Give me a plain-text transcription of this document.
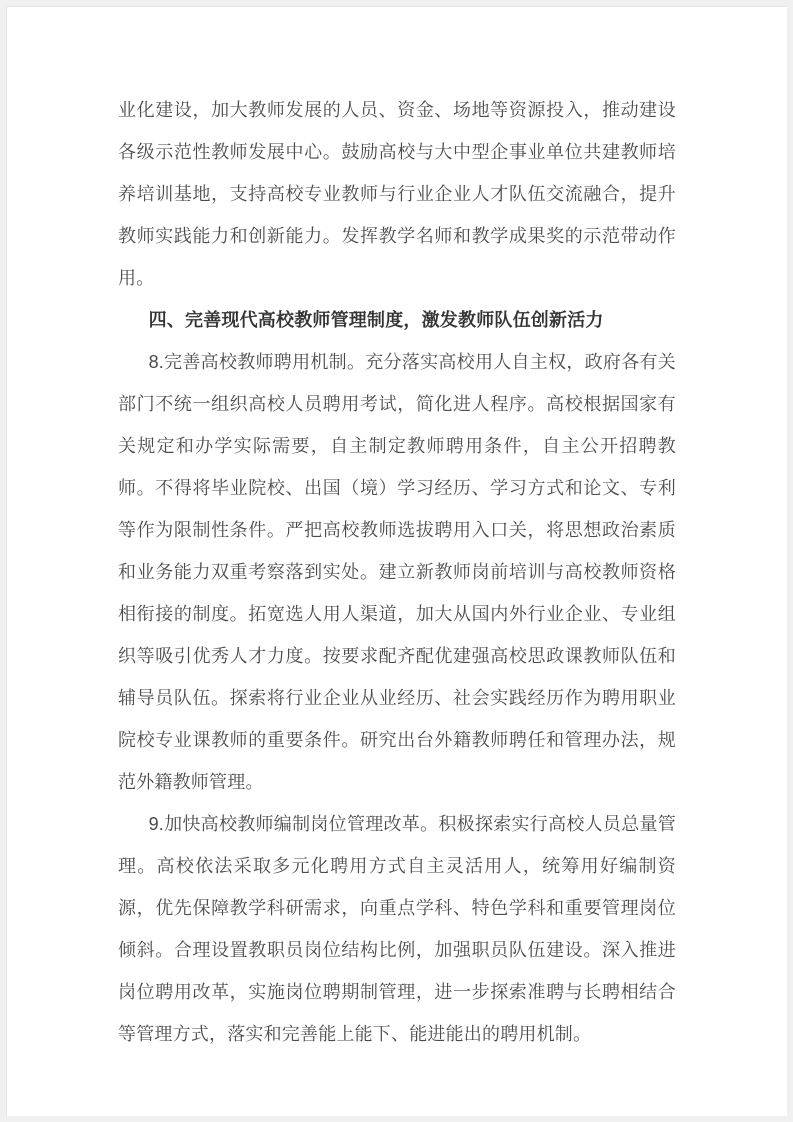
业化建设，加大教师发展的人员、资金、场地等资源投入，推动建设各级示范性教师发展中心。鼓励高校与大中型企事业单位共建教师培养培训基地，支持高校专业教师与行业企业人才队伍交流融合，提升教师实践能力和创新能力。发挥教学名师和教学成果奖的示范带动作用。

四、完善现代高校教师管理制度，激发教师队伍创新活力

8.完善高校教师聘用机制。充分落实高校用人自主权，政府各有关部门不统一组织高校人员聘用考试，简化进人程序。高校根据国家有关规定和办学实际需要，自主制定教师聘用条件，自主公开招聘教师。不得将毕业院校、出国（境）学习经历、学习方式和论文、专利等作为限制性条件。严把高校教师选拔聘用入口关，将思想政治素质和业务能力双重考察落到实处。建立新教师岗前培训与高校教师资格相衔接的制度。拓宽选人用人渠道，加大从国内外行业企业、专业组织等吸引优秀人才力度。按要求配齐配优建强高校思政课教师队伍和辅导员队伍。探索将行业企业从业经历、社会实践经历作为聘用职业院校专业课教师的重要条件。研究出台外籍教师聘任和管理办法，规范外籍教师管理。

9.加快高校教师编制岗位管理改革。积极探索实行高校人员总量管理。高校依法采取多元化聘用方式自主灵活用人，统筹用好编制资源，优先保障教学科研需求，向重点学科、特色学科和重要管理岗位倾斜。合理设置教职员岗位结构比例，加强职员队伍建设。深入推进岗位聘用改革，实施岗位聘期制管理，进一步探索准聘与长聘相结合等管理方式，落实和完善能上能下、能进能出的聘用机制。
